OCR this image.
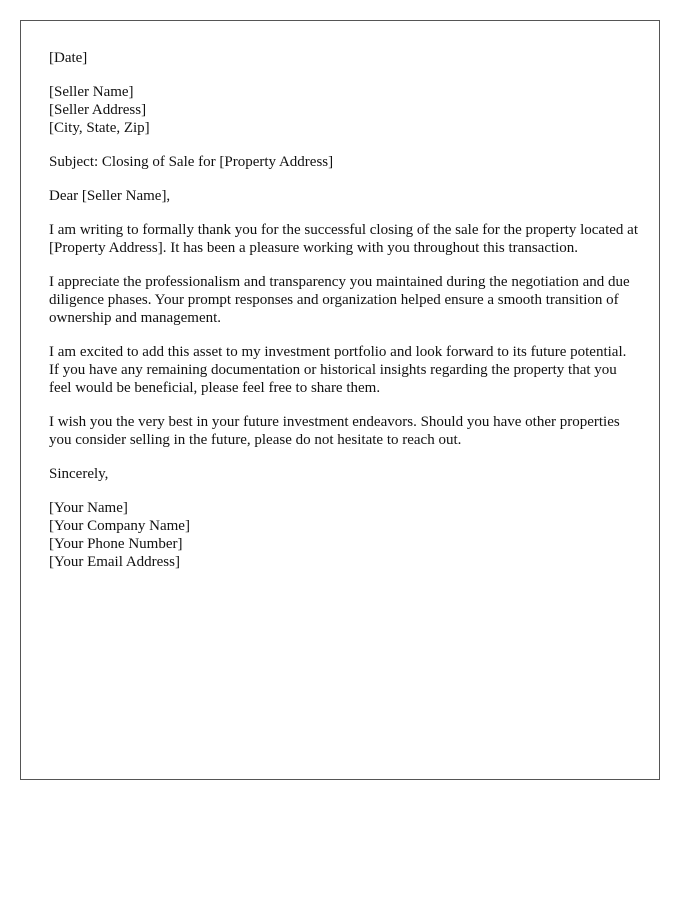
[Date]
[Seller Name]
[Seller Address]
[City, State, Zip]
Subject: Closing of Sale for [Property Address]
Dear [Seller Name],

I am writing to formally thank you for the successful closing of the sale for the property located at [Property Address]. It has been a pleasure working with you throughout this transaction.

I appreciate the professionalism and transparency you maintained during the negotiation and due diligence phases. Your prompt responses and organization helped ensure a smooth transition of ownership and management.

I am excited to add this asset to my investment portfolio and look forward to its future potential. If you have any remaining documentation or historical insights regarding the property that you feel would be beneficial, please feel free to share them.

I wish you the very best in your future investment endeavors. Should you have other properties you consider selling in the future, please do not hesitate to reach out.

Sincerely,
[Your Name]
[Your Company Name]
[Your Phone Number]
[Your Email Address]
